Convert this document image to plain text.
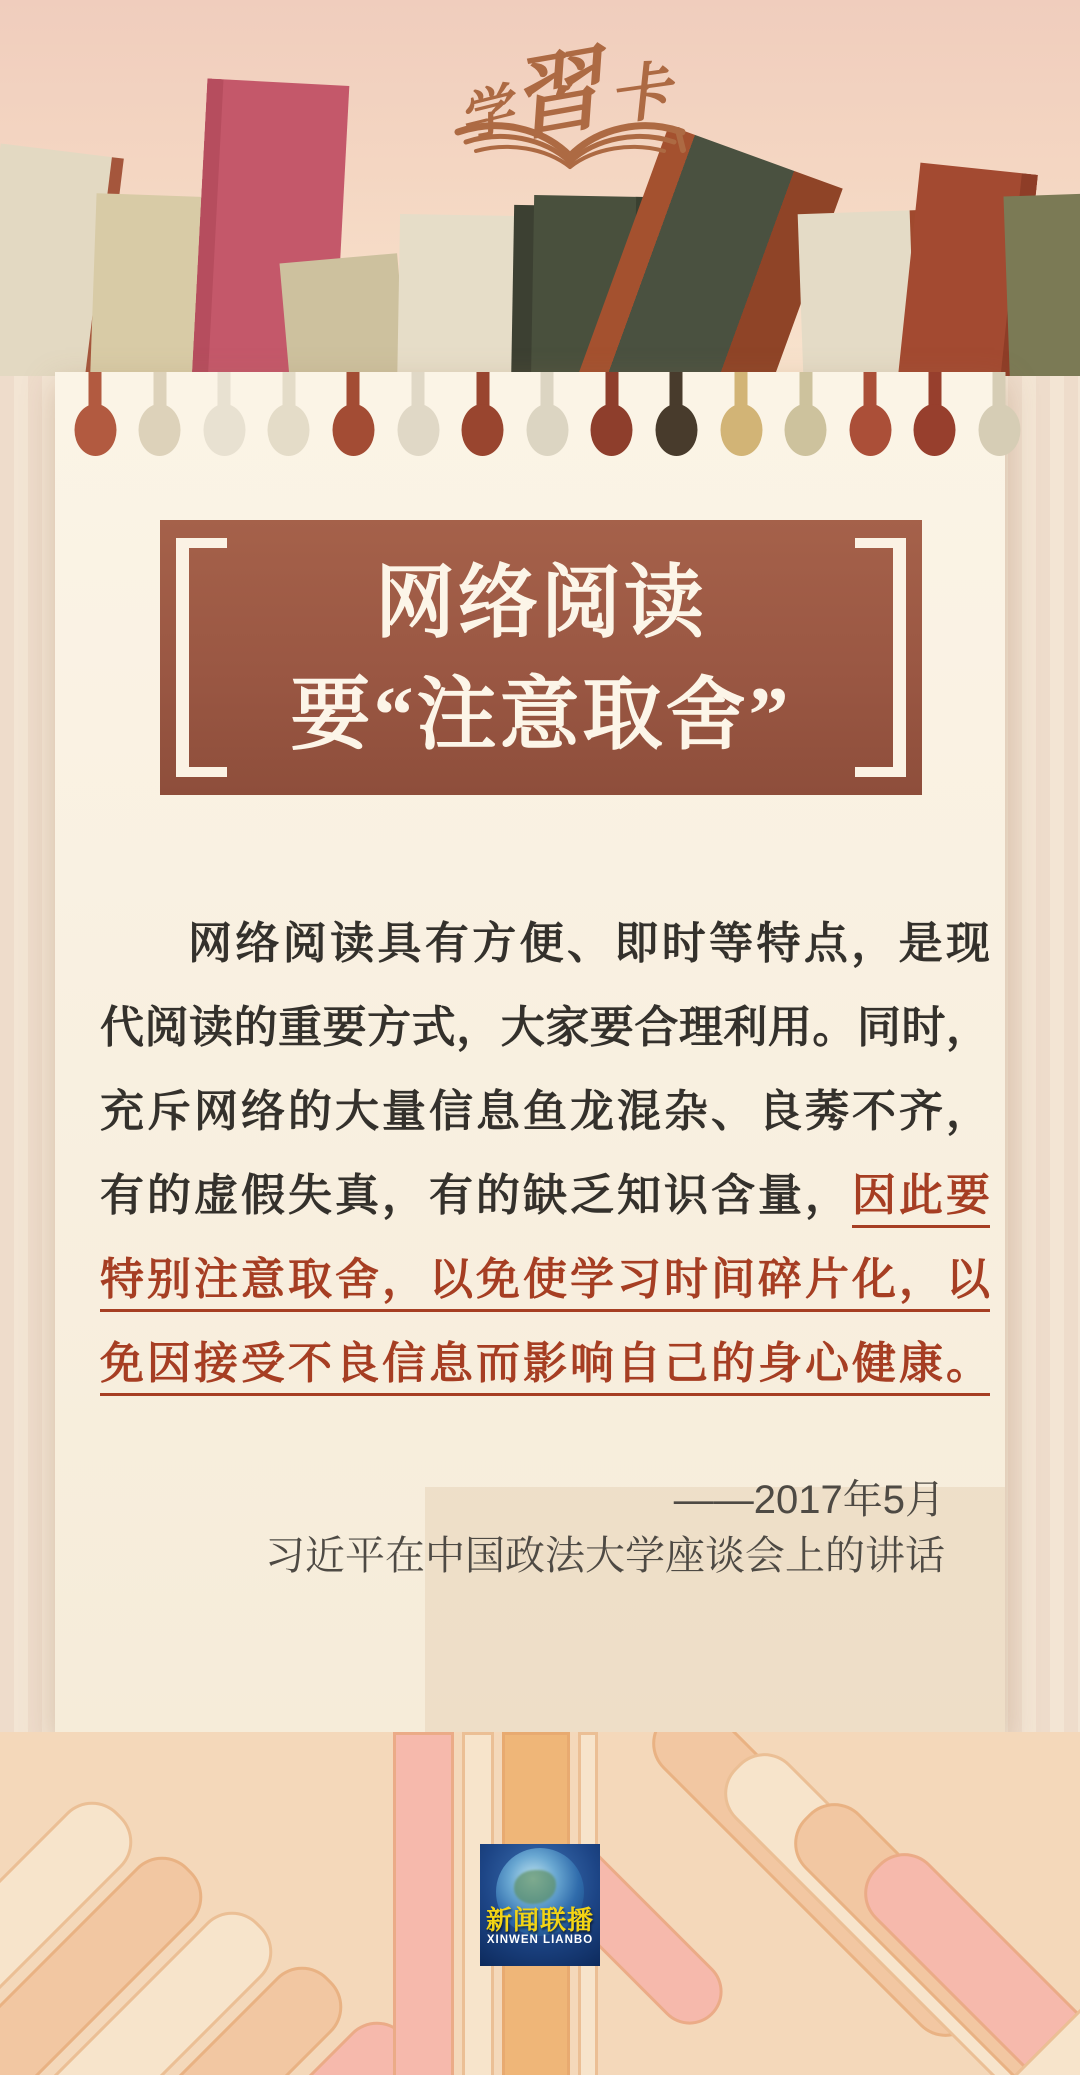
学
習
卡
网络阅读
要“注意取舍”
网络阅读具有方便、即时等特点，是现
代阅读的重要方式，大家要合理利用。同时，
充斥网络的大量信息鱼龙混杂、良莠不齐，
有的虚假失真，有的缺乏知识含量，因此要
特别注意取舍，以免使学习时间碎片化，以
免因接受不良信息而影响自己的身心健康。
——2017年5月
习近平在中国政法大学座谈会上的讲话
新闻联播
XINWEN LIANBO
